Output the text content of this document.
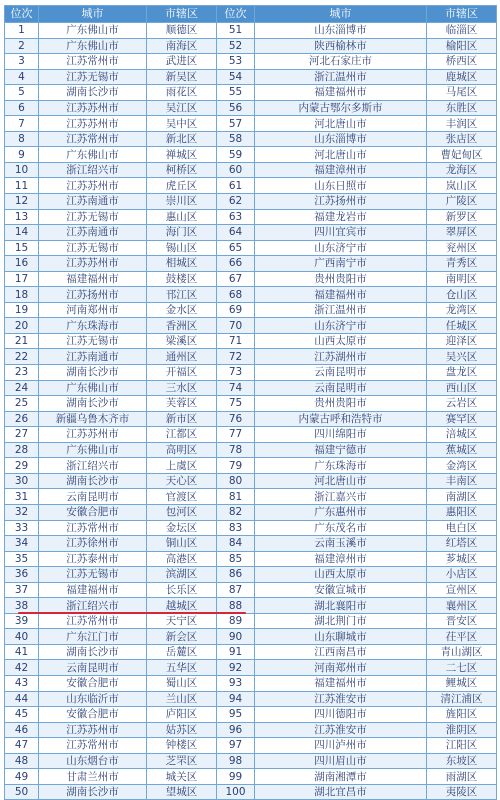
位次	城市	市辖区	位次	城市	市辖区
1	广东佛山市	顺德区	51	山东淄博市	临淄区
2	广东佛山市	南海区	52	陕西榆林市	榆阳区
3	江苏常州市	武进区	53	河北石家庄市	桥西区
4	江苏无锡市	新吴区	54	浙江温州市	鹿城区
5	湖南长沙市	雨花区	55	福建福州市	马尾区
6	江苏苏州市	吴江区	56	内蒙古鄂尔多斯市	东胜区
7	江苏苏州市	吴中区	57	河北唐山市	丰润区
8	江苏常州市	新北区	58	山东淄博市	张店区
9	广东佛山市	禅城区	59	河北唐山市	曹妃甸区
10	浙江绍兴市	柯桥区	60	福建漳州市	龙海区
11	江苏苏州市	虎丘区	61	山东日照市	岚山区
12	江苏南通市	崇川区	62	江苏扬州市	广陵区
13	江苏无锡市	惠山区	63	福建龙岩市	新罗区
14	江苏南通市	海门区	64	四川宜宾市	翠屏区
15	江苏无锡市	锡山区	65	山东济宁市	兖州区
16	江苏苏州市	相城区	66	广西南宁市	青秀区
17	福建福州市	鼓楼区	67	贵州贵阳市	南明区
18	江苏扬州市	邗江区	68	福建福州市	仓山区
19	河南郑州市	金水区	69	浙江温州市	龙湾区
20	广东珠海市	香洲区	70	山东济宁市	任城区
21	江苏无锡市	梁溪区	71	山西太原市	迎泽区
22	江苏南通市	通州区	72	江苏湖州市	吴兴区
23	湖南长沙市	开福区	73	云南昆明市	盘龙区
24	广东佛山市	三水区	74	云南昆明市	西山区
25	湖南长沙市	芙蓉区	75	贵州贵阳市	云岩区
26	新疆乌鲁木齐市	新市区	76	内蒙古呼和浩特市	赛罕区
27	江苏苏州市	江都区	77	四川绵阳市	涪城区
28	广东佛山市	高明区	78	福建宁德市	蕉城区
29	浙江绍兴市	上虞区	79	广东珠海市	金湾区
30	湖南长沙市	天心区	80	河北唐山市	丰南区
31	云南昆明市	官渡区	81	浙江嘉兴市	南湖区
32	安徽合肥市	包河区	82	广东惠州市	惠阳区
33	江苏常州市	金坛区	83	广东茂名市	电白区
34	江苏徐州市	铜山区	84	云南玉溪市	红塔区
35	江苏泰州市	高港区	85	福建漳州市	芗城区
36	江苏无锡市	滨湖区	86	山西太原市	小店区
37	福建福州市	长乐区	87	安徽宣城市	宣州区
38	浙江绍兴市	越城区	88	湖北襄阳市	襄州区
39	江苏常州市	天宁区	89	湖北荆门市	晋安区
40	广东江门市	新会区	90	山东聊城市	茌平区
41	湖南长沙市	岳麓区	91	江西南昌市	青山湖区
42	云南昆明市	五华区	92	河南郑州市	二七区
43	安徽合肥市	蜀山区	93	福建福州市	鲤城区
44	山东临沂市	兰山区	94	江苏淮安市	清江浦区
45	安徽合肥市	庐阳区	95	四川德阳市	旌阳区
46	江苏苏州市	姑苏区	96	江苏淮安市	淮阴区
47	江苏常州市	钟楼区	97	四川泸州市	江阳区
48	山东烟台市	芝罘区	98	四川眉山市	东坡区
49	甘肃兰州市	城关区	99	湖南湘潭市	雨湖区
50	湖南长沙市	望城区	100	湖北宜昌市	夷陵区
